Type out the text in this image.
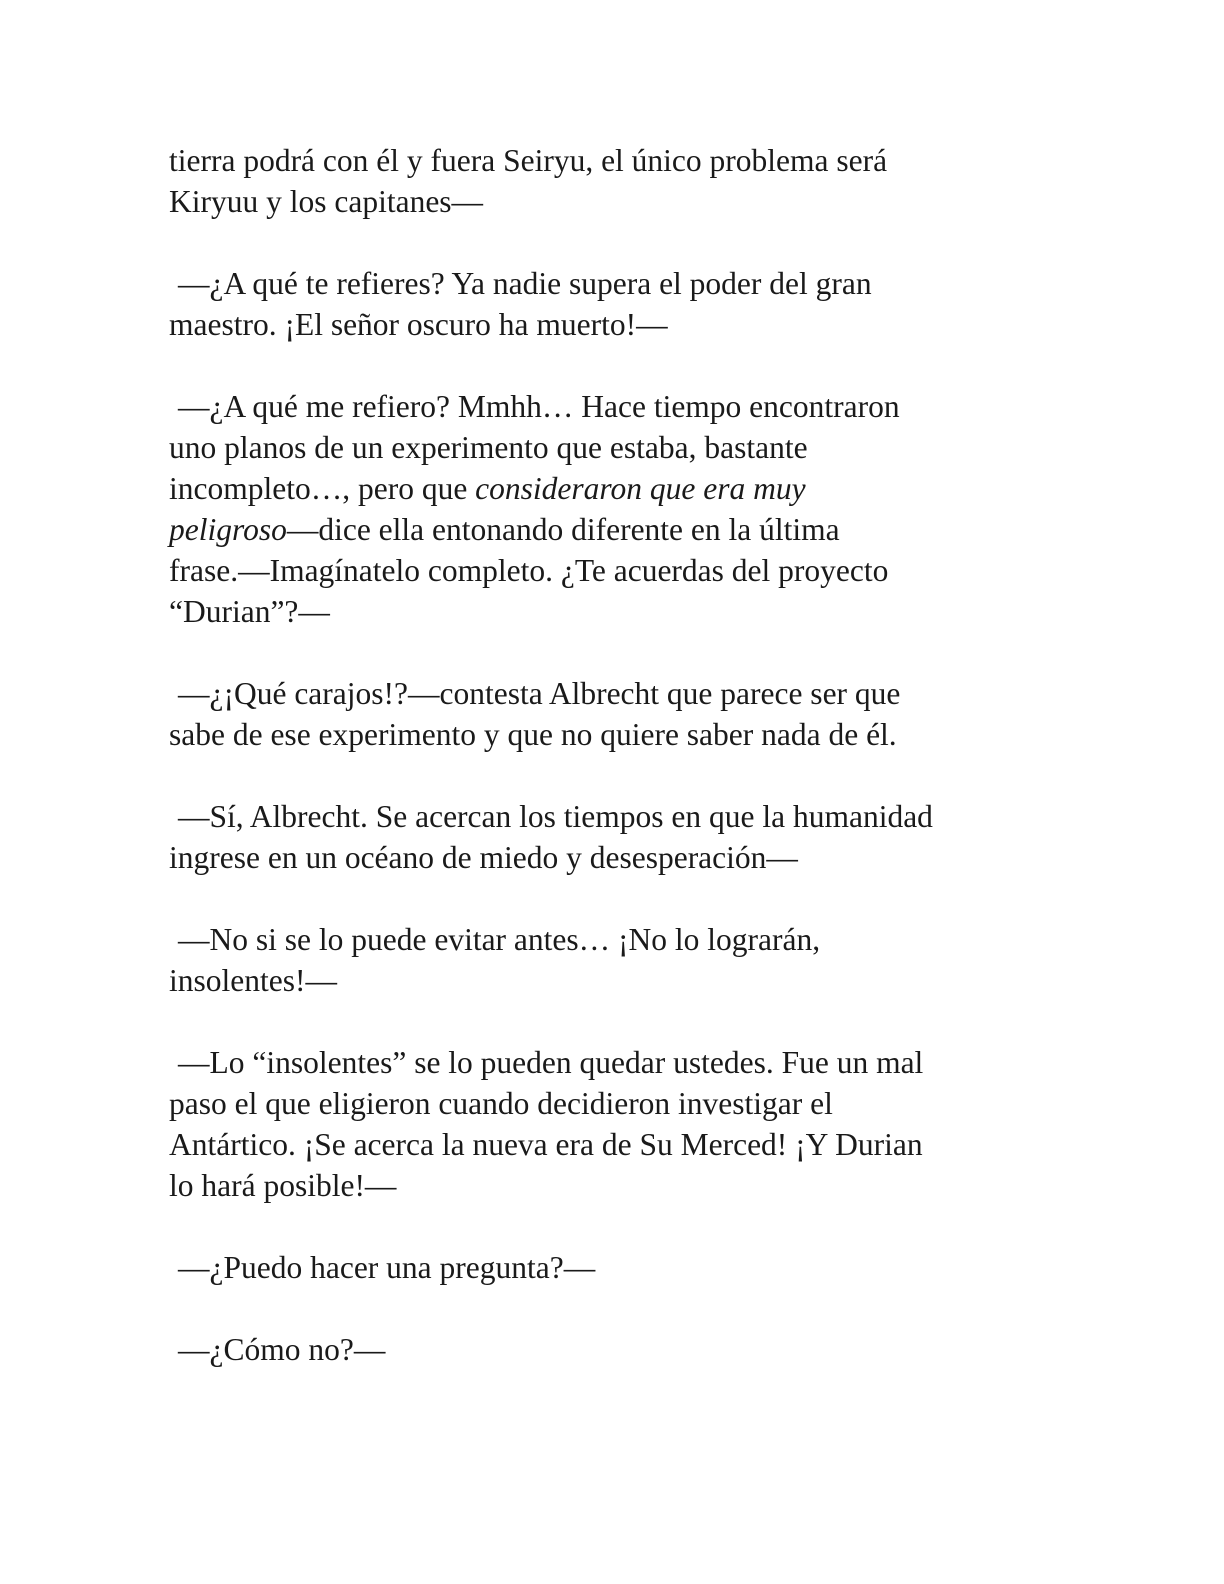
tierra podrá con él y fuera Seiryu, el único problema será
Kiryuu y los capitanes—

—¿A qué te refieres? Ya nadie supera el poder del gran
maestro. ¡El señor oscuro ha muerto!—

—¿A qué me refiero? Mmhh… Hace tiempo encontraron
uno planos de un experimento que estaba, bastante
incompleto…, pero que consideraron que era muy
peligroso—dice ella entonando diferente en la última
frase.—Imagínatelo completo. ¿Te acuerdas del proyecto
“Durian”?—

—¿¡Qué carajos!?—contesta Albrecht que parece ser que
sabe de ese experimento y que no quiere saber nada de él.

—Sí, Albrecht. Se acercan los tiempos en que la humanidad
ingrese en un océano de miedo y desesperación—

—No si se lo puede evitar antes… ¡No lo lograrán,
insolentes!—

—Lo “insolentes” se lo pueden quedar ustedes. Fue un mal
paso el que eligieron cuando decidieron investigar el
Antártico. ¡Se acerca la nueva era de Su Merced! ¡Y Durian
lo hará posible!—

—¿Puedo hacer una pregunta?—

—¿Cómo no?—
